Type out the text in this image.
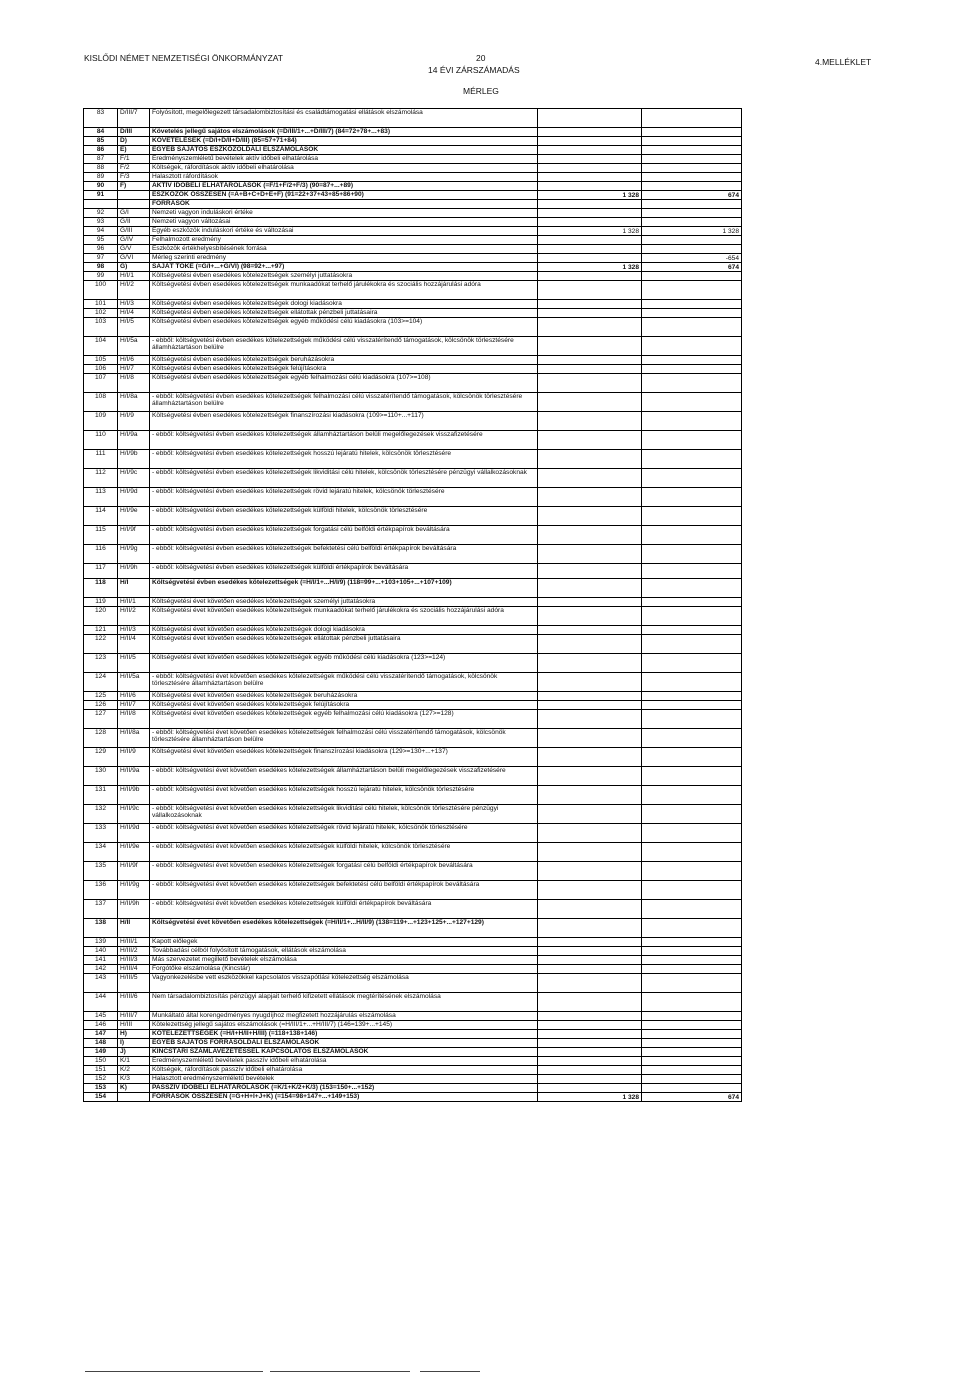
KISLŐDI NÉMET NEMZETISÉGI ÖNKORMÁNYZAT	20
14 ÉVI ZÁRSZÁMADÁS
4.MELLÉKLET
MÉRLEG
83	D/III/7	Folyósított, megelőlegezett társadalombiztosítási és családtámogatási ellátások elszámolása		
84	D/III	Követelés jellegű sajátos elszámolások (=D/III/1+...+D/III/7) (84=72+78+...+83)		
85	D)	KÖVETELÉSEK (=D/I+D/II+D/III) (85=57+71+84)		
86	E)	EGYÉB SAJÁTOS ESZKÖZOLDALI ELSZÁMOLÁSOK		
87	F/1	Eredményszemléletű bevételek aktív időbeli elhatárolása		
88	F/2	Költségek, ráfordítások aktív időbeli elhatárolása		
89	F/3	Halasztott ráfordítások		
90	F)	AKTÍV IDŐBELI ELHATÁROLÁSOK (=F/1+F/2+F/3) (90=87+...+89)		
91		ESZKÖZÖK ÖSSZESEN (=A+B+C+D+E+F) (91=22+37+43+85+86+90)	1 328	674
		FORRÁSOK		
92	G/I	Nemzeti vagyon induláskori értéke		
93	G/II	Nemzeti vagyon változásai		
94	G/III	Egyéb eszközök induláskori értéke és változásai	1 328	1 328
95	G/IV	Felhalmozott eredmény		
96	G/V	Eszközök értékhelyesbítésének forrása		
97	G/VI	Mérleg szerinti eredmény		-654
98	G)	SAJÁT TŐKE (=G/I+...+G/VI) (98=92+...+97)	1 328	674
99	H/I/1	Költségvetési évben esedékes kötelezettségek személyi juttatásokra		
100	H/I/2	Költségvetési évben esedékes kötelezettségek munkaadókat terhelő járulékokra és szociális hozzájárulási adóra		
101	H/I/3	Költségvetési évben esedékes kötelezettségek dologi kiadásokra		
102	H/I/4	Költségvetési évben esedékes kötelezettségek ellátottak pénzbeli juttatásaira		
103	H/I/5	Költségvetési évben esedékes kötelezettségek egyéb működési célú kiadásokra (103>=104)		
104	H/I/5a	- ebből: költségvetési évben esedékes kötelezettségek működési célú visszatérítendő támogatások, kölcsönök törlesztésére államháztartáson belülre		
105	H/I/6	Költségvetési évben esedékes kötelezettségek beruházásokra		
106	H/I/7	Költségvetési évben esedékes kötelezettségek felújításokra		
107	H/I/8	Költségvetési évben esedékes kötelezettségek egyéb felhalmozási célú kiadásokra (107>=108)		
108	H/I/8a	- ebből: költségvetési évben esedékes kötelezettségek felhalmozási célú visszatérítendő támogatások, kölcsönök törlesztésére államháztartáson belülre		
109	H/I/9	Költségvetési évben esedékes kötelezettségek finanszírozási kiadásokra (109>=110+...+117)		
110	H/I/9a	- ebből: költségvetési évben esedékes kötelezettségek államháztartáson belüli megelőlegezések visszafizetésére		
111	H/I/9b	- ebből: költségvetési évben esedékes kötelezettségek hosszú lejáratú hitelek, kölcsönök törlesztésére		
112	H/I/9c	- ebből: költségvetési évben esedékes kötelezettségek likviditási célú hitelek, kölcsönök törlesztésére pénzügyi vállalkozásoknak		
113	H/I/9d	- ebből: költségvetési évben esedékes kötelezettségek rövid lejáratú hitelek, kölcsönök törlesztésére		
114	H/I/9e	- ebből: költségvetési évben esedékes kötelezettségek külföldi hitelek, kölcsönök törlesztésére		
115	H/I/9f	- ebből: költségvetési évben esedékes kötelezettségek forgatási célú belföldi értékpapírok beváltására		
116	H/I/9g	- ebből: költségvetési évben esedékes kötelezettségek befektetési célú belföldi értékpapírok beváltására		
117	H/I/9h	- ebből: költségvetési évben esedékes kötelezettségek külföldi értékpapírok beváltására		
118	H/I	Költségvetési évben esedékes kötelezettségek (=H/I/1+...H/I/9) (118=99+...+103+105+...+107+109)		
119	H/II/1	Költségvetési évet követően esedékes kötelezettségek személyi juttatásokra		
120	H/II/2	Költségvetési évet követően esedékes kötelezettségek munkaadókat terhelő járulékokra és szociális hozzájárulási adóra		
121	H/II/3	Költségvetési évet követően esedékes kötelezettségek dologi kiadásokra		
122	H/II/4	Költségvetési évet követően esedékes kötelezettségek ellátottak pénzbeli juttatásaira		
123	H/II/5	Költségvetési évet követően esedékes kötelezettségek egyéb működési célú kiadásokra (123>=124)		
124	H/II/5a	- ebből: költségvetési évet követően esedékes kötelezettségek működési célú visszatérítendő támogatások, kölcsönök törlesztésére államháztartáson belülre		
125	H/II/6	Költségvetési évet követően esedékes kötelezettségek beruházásokra		
126	H/II/7	Költségvetési évet követően esedékes kötelezettségek felújításokra		
127	H/II/8	Költségvetési évet követően esedékes kötelezettségek egyéb felhalmozási célú kiadásokra (127>=128)		
128	H/II/8a	- ebből: költségvetési évet követően esedékes kötelezettségek felhalmozási célú visszatérítendő támogatások, kölcsönök törlesztésére államháztartáson belülre		
129	H/II/9	Költségvetési évet követően esedékes kötelezettségek finanszírozási kiadásokra (129>=130+...+137)		
130	H/II/9a	- ebből: költségvetési évet követően esedékes kötelezettségek államháztartáson belüli megelőlegezések visszafizetésére		
131	H/II/9b	- ebből: költségvetési évet követően esedékes kötelezettségek hosszú lejáratú hitelek, kölcsönök törlesztésére		
132	H/II/9c	- ebből: költségvetési évet követően esedékes kötelezettségek likviditási célú hitelek, kölcsönök törlesztésére pénzügyi vállalkozásoknak		
133	H/II/9d	- ebből: költségvetési évet követően esedékes kötelezettségek rövid lejáratú hitelek, kölcsönök törlesztésére		
134	H/II/9e	- ebből: költségvetési évet követően esedékes kötelezettségek külföldi hitelek, kölcsönök törlesztésére		
135	H/II/9f	- ebből: költségvetési évet követően esedékes kötelezettségek forgatási célú belföldi értékpapírok beváltására		
136	H/II/9g	- ebből: költségvetési évet követően esedékes kötelezettségek befektetési célú belföldi értékpapírok beváltására		
137	H/II/9h	- ebből: költségvetési évét követően esedékes kötelezettségek külföldi értékpapírok beváltására		
138	H/II	Költségvetési évet követően esedékes kötelezettségek (=H/II/1+...H/II/9) (138=119+...+123+125+...+127+129)		
139	H/III/1	Kapott előlegek		
140	H/III/2	Továbbadási célból folyósított támogatások, ellátások elszámolása		
141	H/III/3	Más szervezetet megillető bevételek elszámolása		
142	H/III/4	Forgótőke elszámolása (Kincstár)		
143	H/III/5	Vagyonkezelésbe vett eszközökkel kapcsolatos visszapótlási kötelezettség elszámolása		
144	H/III/6	Nem társadalombiztosítás pénzügyi alapjait terhelő kifizetett ellátások megtérítésének elszámolása		
145	H/III/7	Munkáltató által korengedményes nyugdíjhoz megfizetett hozzájárulás elszámolása		
146	H/III	Kötelezettség jellegű sajátos elszámolások (=H/III/1+...+H/III/7) (146=139+...+145)		
147	H)	KÖTELEZETTSÉGEK (=H/I+H/II+H/III) (=118+138+146)		
148	I)	EGYÉB SAJÁTOS FORRÁSOLDALI ELSZÁMOLÁSOK		
149	J)	KINCSTÁRI SZÁMLAVEZETÉSSEL KAPCSOLATOS ELSZÁMOLÁSOK		
150	K/1	Eredményszemléletű bevételek passzív időbeli elhatárolása		
151	K/2	Költségek, ráfordítások passzív időbeli elhatárolása		
152	K/3	Halasztott eredményszemléletű bevételek		
153	K)	PASSZÍV IDŐBELI ELHATÁROLÁSOK (=K/1+K/2+K/3) (153=150+...+152)		
154		FORRÁSOK ÖSSZESEN (=G+H+I+J+K) (=154=98+147+...+149+153)	1 328	674
